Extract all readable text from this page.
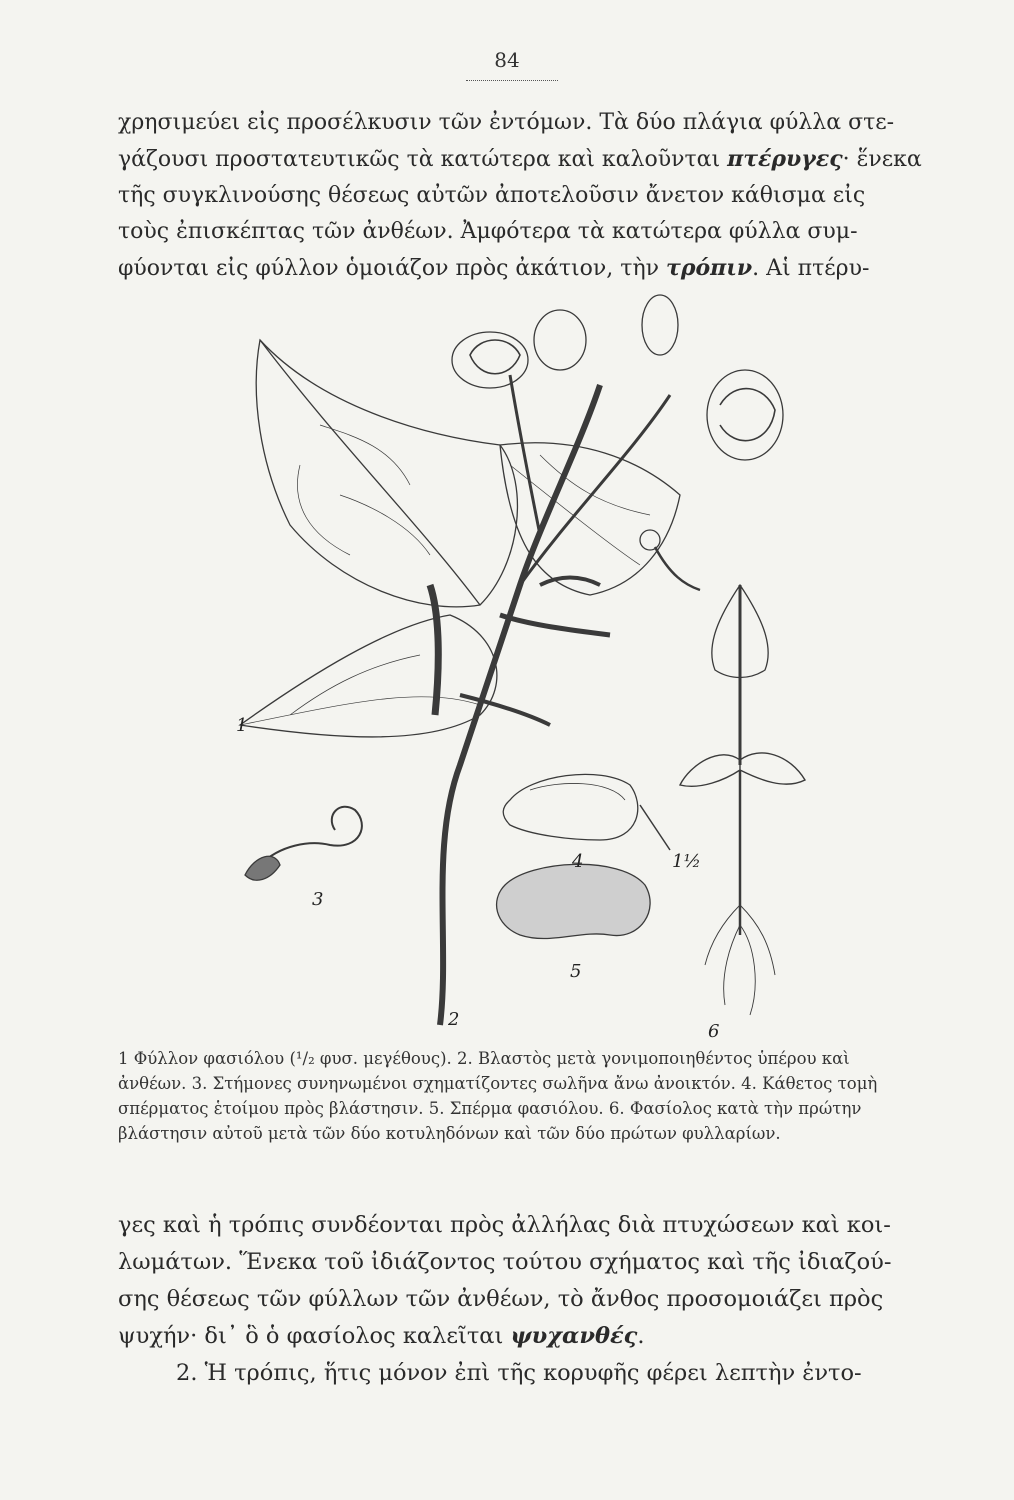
84
χρησιμεύει εἰς προσέλκυσιν τῶν ἐντόμων. Τὰ δύο πλάγια φύλλα στε-
γάζουσι προστατευτικῶς τὰ κατώτερα καὶ καλοῦνται πτέρυγες· ἕνεκα
τῆς συγκλινούσης θέσεως αὐτῶν ἀποτελοῦσιν ἄνετον κάθισμα εἰς
τοὺς ἐπισκέπτας τῶν ἀνθέων. Ἀμφότερα τὰ κατώτερα φύλλα συμ-
φύονται εἰς φύλλον ὁμοιάζον πρὸς ἀκάτιον, τὴν τρόπιν. Αἱ πτέρυ-
1
2
3
4	1½
5
6
1 Φύλλον φασιόλου (¹/₂ φυσ. μεγέθους). 2. Βλαστὸς μετὰ γονιμοποιηθέντος ὑπέρου καὶ ἀνθέων. 3. Στήμονες συνηνωμένοι σχηματίζοντες σωλῆνα ἄνω ἀνοικτόν. 4. Κάθετος τομὴ σπέρματος ἑτοίμου πρὸς βλάστησιν. 5. Σπέρμα φασιόλου. 6. Φασίολος κατὰ τὴν πρώτην βλάστησιν αὐτοῦ μετὰ τῶν δύο κοτυληδόνων καὶ τῶν δύο πρώτων φυλλαρίων.
γες καὶ ἡ τρόπις συνδέονται πρὸς ἀλλήλας διὰ πτυχώσεων καὶ κοι-
λωμάτων. Ἕνεκα τοῦ ἰδιάζοντος τούτου σχήματος καὶ τῆς ἰδιαζού-
σης θέσεως τῶν φύλλων τῶν ἀνθέων, τὸ ἄνθος προσομοιάζει πρὸς
ψυχήν· δι᾽ ὃ ὁ φασίολος καλεῖται ψυχανθές.
2. Ἡ τρόπις, ἥτις μόνον ἐπὶ τῆς κορυφῆς φέρει λεπτὴν ἐντο-
